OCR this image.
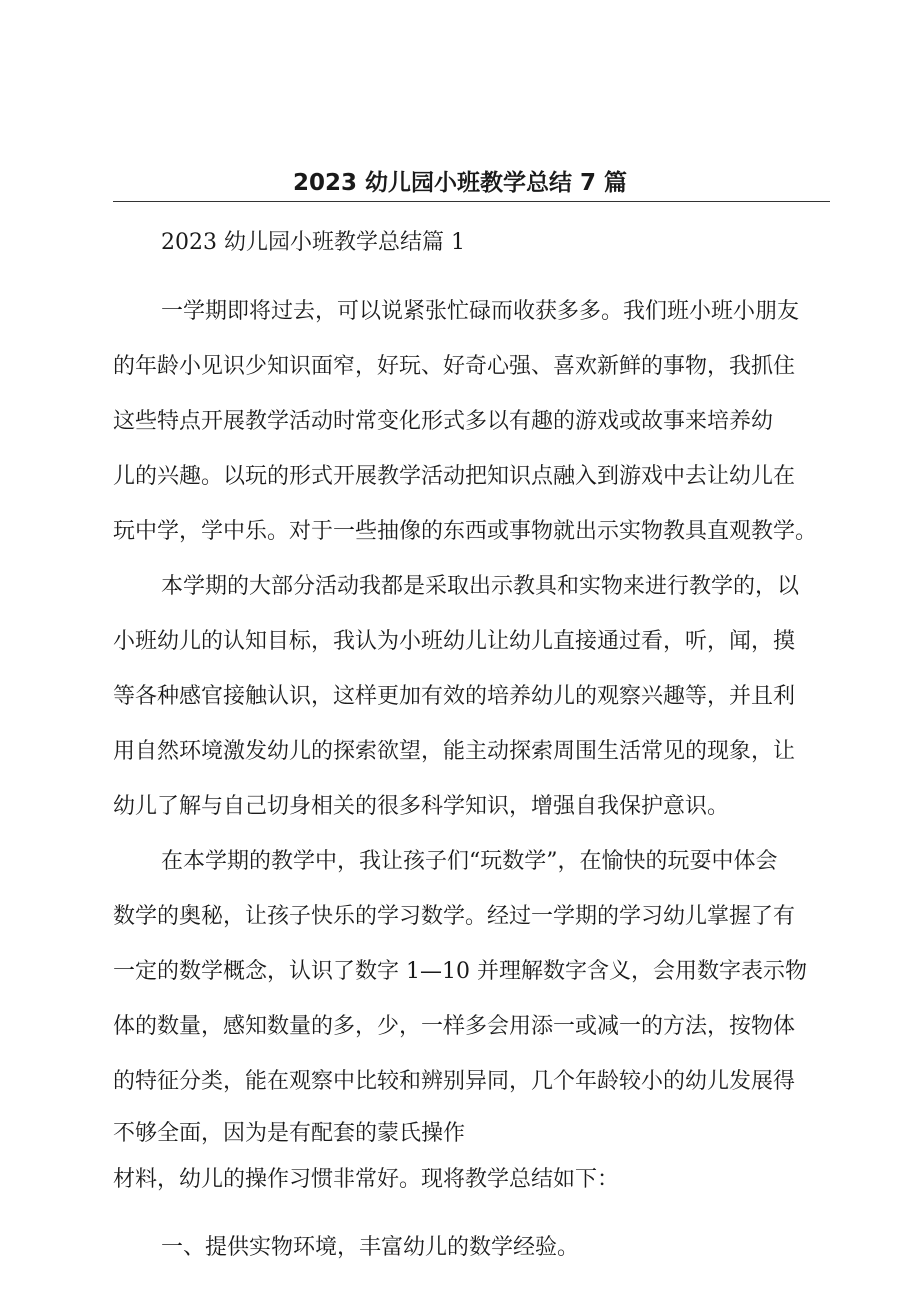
2023 幼儿园小班教学总结 7 篇
2023 幼儿园小班教学总结篇 1
一学期即将过去，可以说紧张忙碌而收获多多。我们班小班小朋友
的年龄小见识少知识面窄，好玩、好奇心强、喜欢新鲜的事物，我抓住
这些特点开展教学活动时常变化形式多以有趣的游戏或故事来培养幼
儿的兴趣。以玩的形式开展教学活动把知识点融入到游戏中去让幼儿在
玩中学，学中乐。对于一些抽像的东西或事物就出示实物教具直观教学。
本学期的大部分活动我都是采取出示教具和实物来进行教学的，以
小班幼儿的认知目标，我认为小班幼儿让幼儿直接通过看，听，闻，摸
等各种感官接触认识，这样更加有效的培养幼儿的观察兴趣等，并且利
用自然环境激发幼儿的探索欲望，能主动探索周围生活常见的现象，让
幼儿了解与自己切身相关的很多科学知识，增强自我保护意识。
在本学期的教学中，我让孩子们“玩数学”，在愉快的玩耍中体会
数学的奥秘，让孩子快乐的学习数学。经过一学期的学习幼儿掌握了有
一定的数学概念，认识了数字 1—10 并理解数字含义，会用数字表示物
体的数量，感知数量的多，少，一样多会用添一或减一的方法，按物体
的特征分类，能在观察中比较和辨别异同，几个年龄较小的幼儿发展得
不够全面，因为是有配套的蒙氏操作
材料，幼儿的操作习惯非常好。现将教学总结如下：
一、提供实物环境，丰富幼儿的数学经验。
